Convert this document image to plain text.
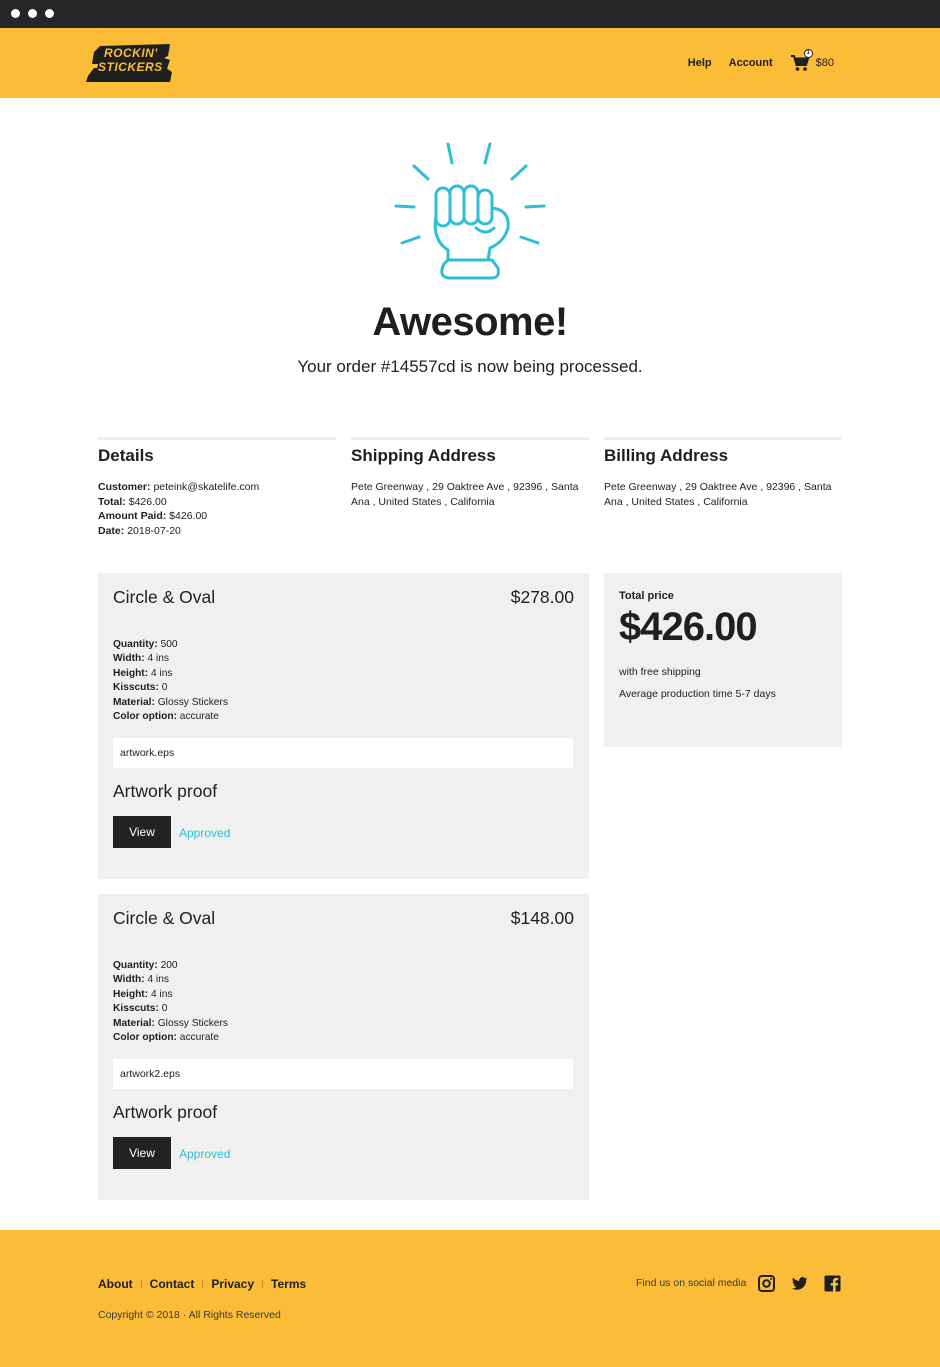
ROCKIN'
STICKERS	Help Account
1
$80
Awesome!
Your order #14557cd is now being processed.
Details
Customer: peteink@skatelife.com
Total: $426.00
Amount Paid: $426.00
Date: 2018-07-20
Shipping Address
Pete Greenway , 29 Oaktree Ave , 92396 , Santa Ana , United States , California
Billing Address
Pete Greenway , 29 Oaktree Ave , 92396 , Santa Ana , United States , California
Circle & Oval	$278.00
Quantity: 500
Width: 4 ins
Height: 4 ins
Kisscuts: 0
Material: Glossy Stickers
Color option: accurate
artwork.eps
Artwork proof
View	Approved
Circle & Oval	$148.00
Quantity: 200
Width: 4 ins
Height: 4 ins
Kisscuts: 0
Material: Glossy Stickers
Color option: accurate
artwork2.eps
Artwork proof
View	Approved
Total price
$426.00
with free shipping
Average production time 5-7 days
About Contact Privacy Terms
Copyright © 2018 · All Rights Reserved
Find us on social media
